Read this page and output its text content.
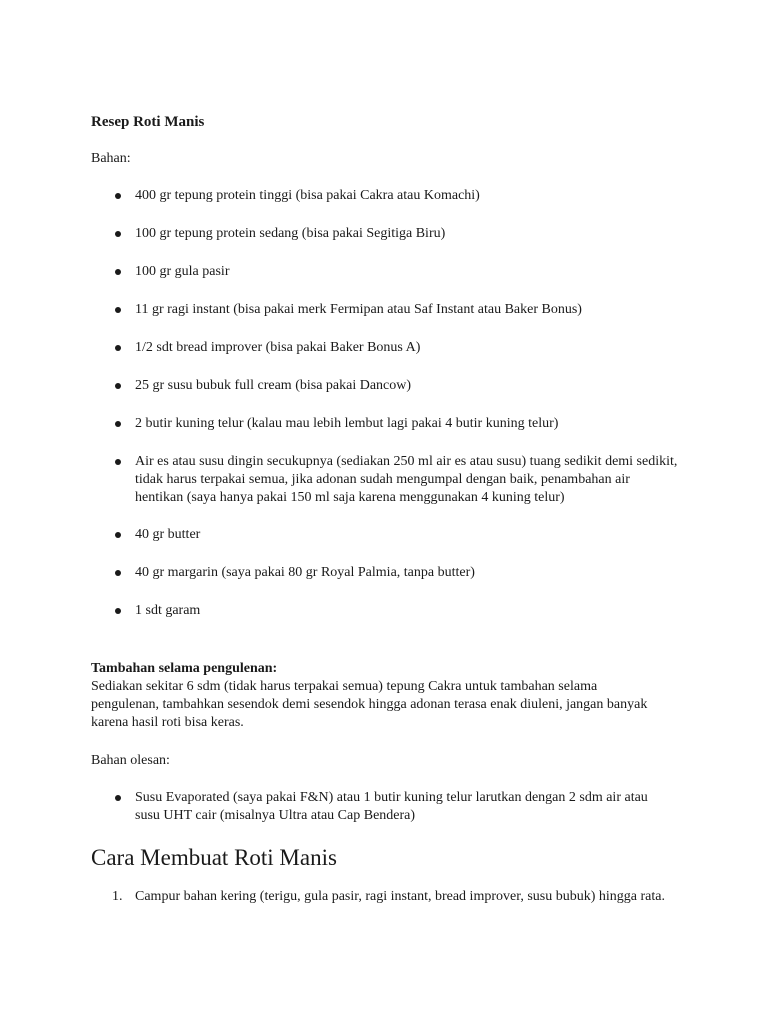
Resep Roti Manis

Bahan:

400 gr tepung protein tinggi (bisa pakai Cakra atau Komachi)
100 gr tepung protein sedang (bisa pakai Segitiga Biru)
100 gr gula pasir
11 gr ragi instant (bisa pakai merk Fermipan atau Saf Instant atau Baker Bonus)
1/2 sdt bread improver (bisa pakai Baker Bonus A)
25 gr susu bubuk full cream (bisa pakai Dancow)
2 butir kuning telur (kalau mau lebih lembut lagi pakai 4 butir kuning telur)
Air es atau susu dingin secukupnya (sediakan 250 ml air es atau susu) tuang sedikit demi sedikit, tidak harus terpakai semua, jika adonan sudah mengumpal dengan baik, penambahan air hentikan (saya hanya pakai 150 ml saja karena menggunakan 4 kuning telur)
40 gr butter
40 gr margarin (saya pakai 80 gr Royal Palmia, tanpa butter)
1 sdt garam

Tambahan selama pengulenan:

Sediakan sekitar 6 sdm (tidak harus terpakai semua) tepung Cakra untuk tambahan selama pengulenan, tambahkan sesendok demi sesendok hingga adonan terasa enak diuleni, jangan banyak karena hasil roti bisa keras.

Bahan olesan:

Susu Evaporated (saya pakai F&N) atau 1 butir kuning telur larutkan dengan 2 sdm air atau susu UHT cair (misalnya Ultra atau Cap Bendera)
Cara Membuat Roti Manis
1. Campur bahan kering (terigu, gula pasir, ragi instant, bread improver, susu bubuk) hingga rata.
